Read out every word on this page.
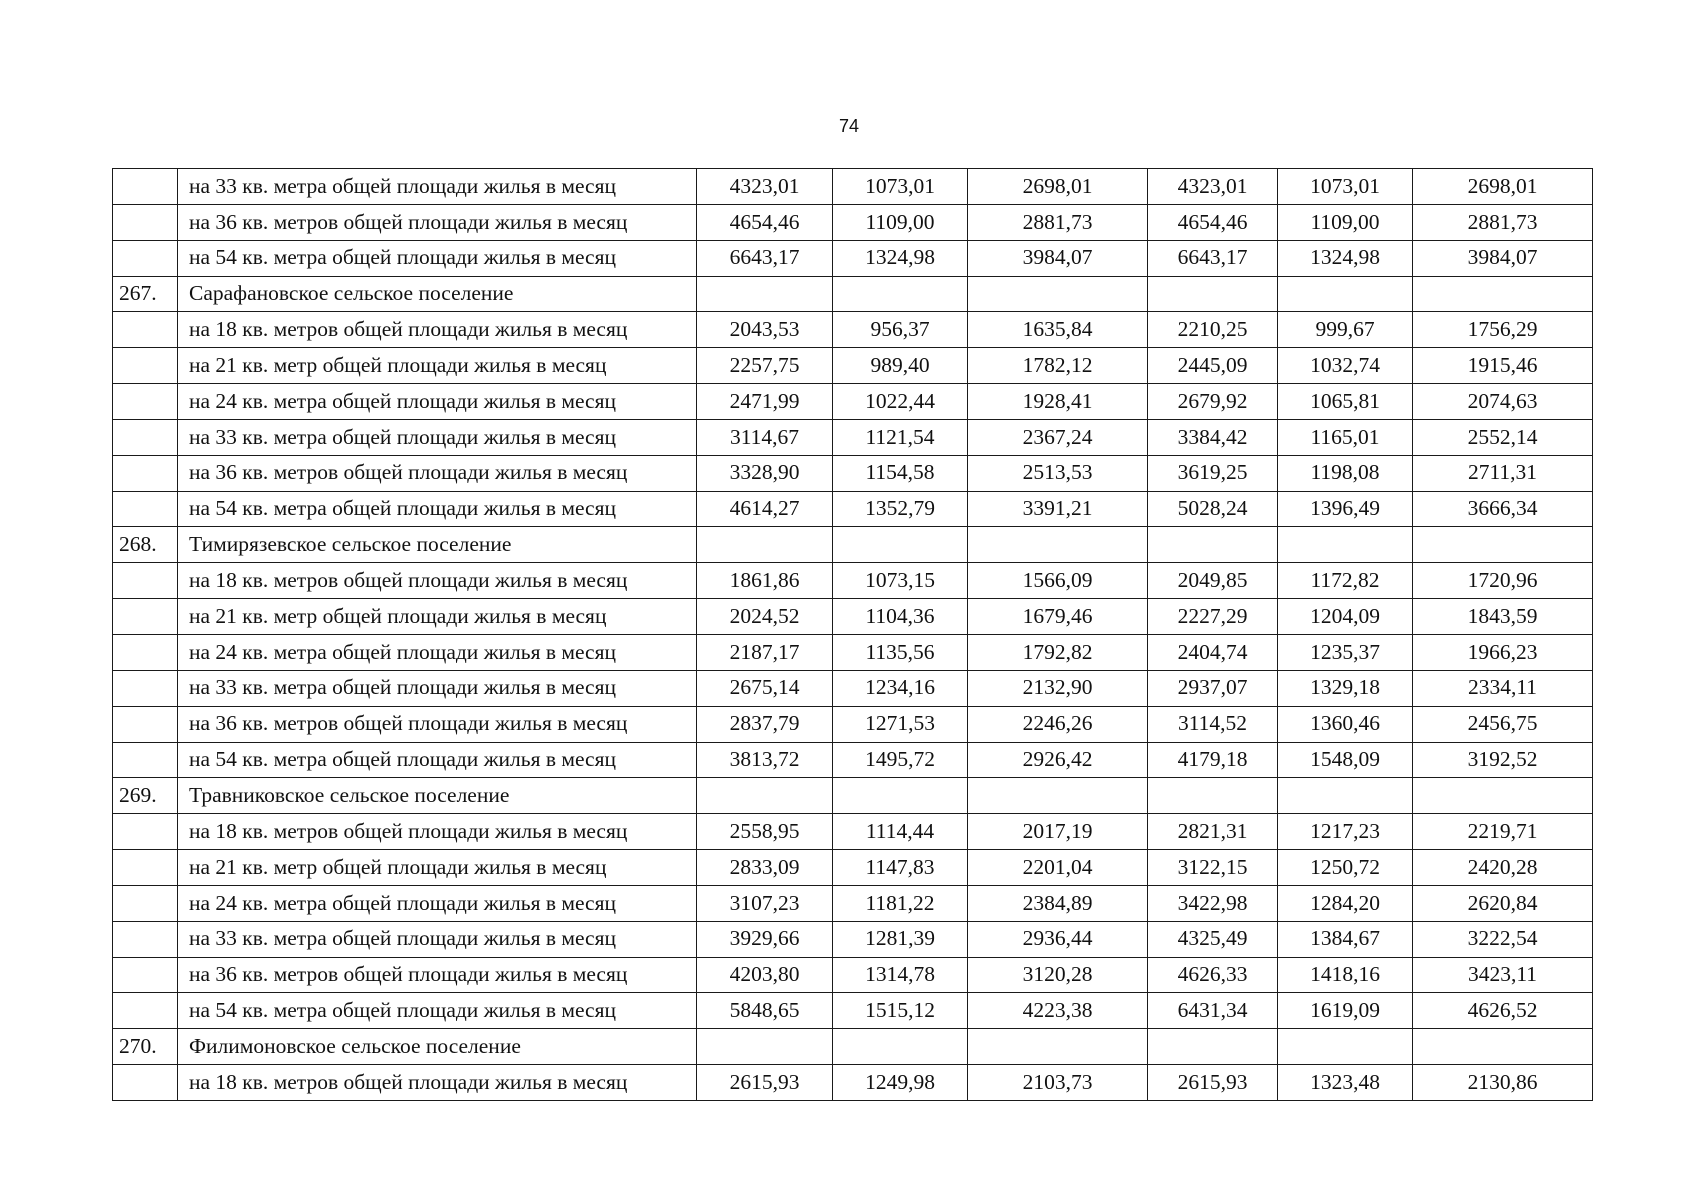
74
	на 33 кв. метра общей площади жилья в месяц	4323,01	1073,01	2698,01	4323,01	1073,01	2698,01
	на 36 кв. метров общей площади жилья в месяц	4654,46	1109,00	2881,73	4654,46	1109,00	2881,73
	на 54 кв. метра общей площади жилья в месяц	6643,17	1324,98	3984,07	6643,17	1324,98	3984,07
267.	Сарафановское сельское поселение						
	на 18 кв. метров общей площади жилья в месяц	2043,53	956,37	1635,84	2210,25	999,67	1756,29
	на 21 кв. метр общей площади жилья в месяц	2257,75	989,40	1782,12	2445,09	1032,74	1915,46
	на 24 кв. метра общей площади жилья в месяц	2471,99	1022,44	1928,41	2679,92	1065,81	2074,63
	на 33 кв. метра общей площади жилья в месяц	3114,67	1121,54	2367,24	3384,42	1165,01	2552,14
	на 36 кв. метров общей площади жилья в месяц	3328,90	1154,58	2513,53	3619,25	1198,08	2711,31
	на 54 кв. метра общей площади жилья в месяц	4614,27	1352,79	3391,21	5028,24	1396,49	3666,34
268.	Тимирязевское сельское поселение						
	на 18 кв. метров общей площади жилья в месяц	1861,86	1073,15	1566,09	2049,85	1172,82	1720,96
	на 21 кв. метр общей площади жилья в месяц	2024,52	1104,36	1679,46	2227,29	1204,09	1843,59
	на 24 кв. метра общей площади жилья в месяц	2187,17	1135,56	1792,82	2404,74	1235,37	1966,23
	на 33 кв. метра общей площади жилья в месяц	2675,14	1234,16	2132,90	2937,07	1329,18	2334,11
	на 36 кв. метров общей площади жилья в месяц	2837,79	1271,53	2246,26	3114,52	1360,46	2456,75
	на 54 кв. метра общей площади жилья в месяц	3813,72	1495,72	2926,42	4179,18	1548,09	3192,52
269.	Травниковское сельское поселение						
	на 18 кв. метров общей площади жилья в месяц	2558,95	1114,44	2017,19	2821,31	1217,23	2219,71
	на 21 кв. метр общей площади жилья в месяц	2833,09	1147,83	2201,04	3122,15	1250,72	2420,28
	на 24 кв. метра общей площади жилья в месяц	3107,23	1181,22	2384,89	3422,98	1284,20	2620,84
	на 33 кв. метра общей площади жилья в месяц	3929,66	1281,39	2936,44	4325,49	1384,67	3222,54
	на 36 кв. метров общей площади жилья в месяц	4203,80	1314,78	3120,28	4626,33	1418,16	3423,11
	на 54 кв. метра общей площади жилья в месяц	5848,65	1515,12	4223,38	6431,34	1619,09	4626,52
270.	Филимоновское сельское поселение						
	на 18 кв. метров общей площади жилья в месяц	2615,93	1249,98	2103,73	2615,93	1323,48	2130,86
